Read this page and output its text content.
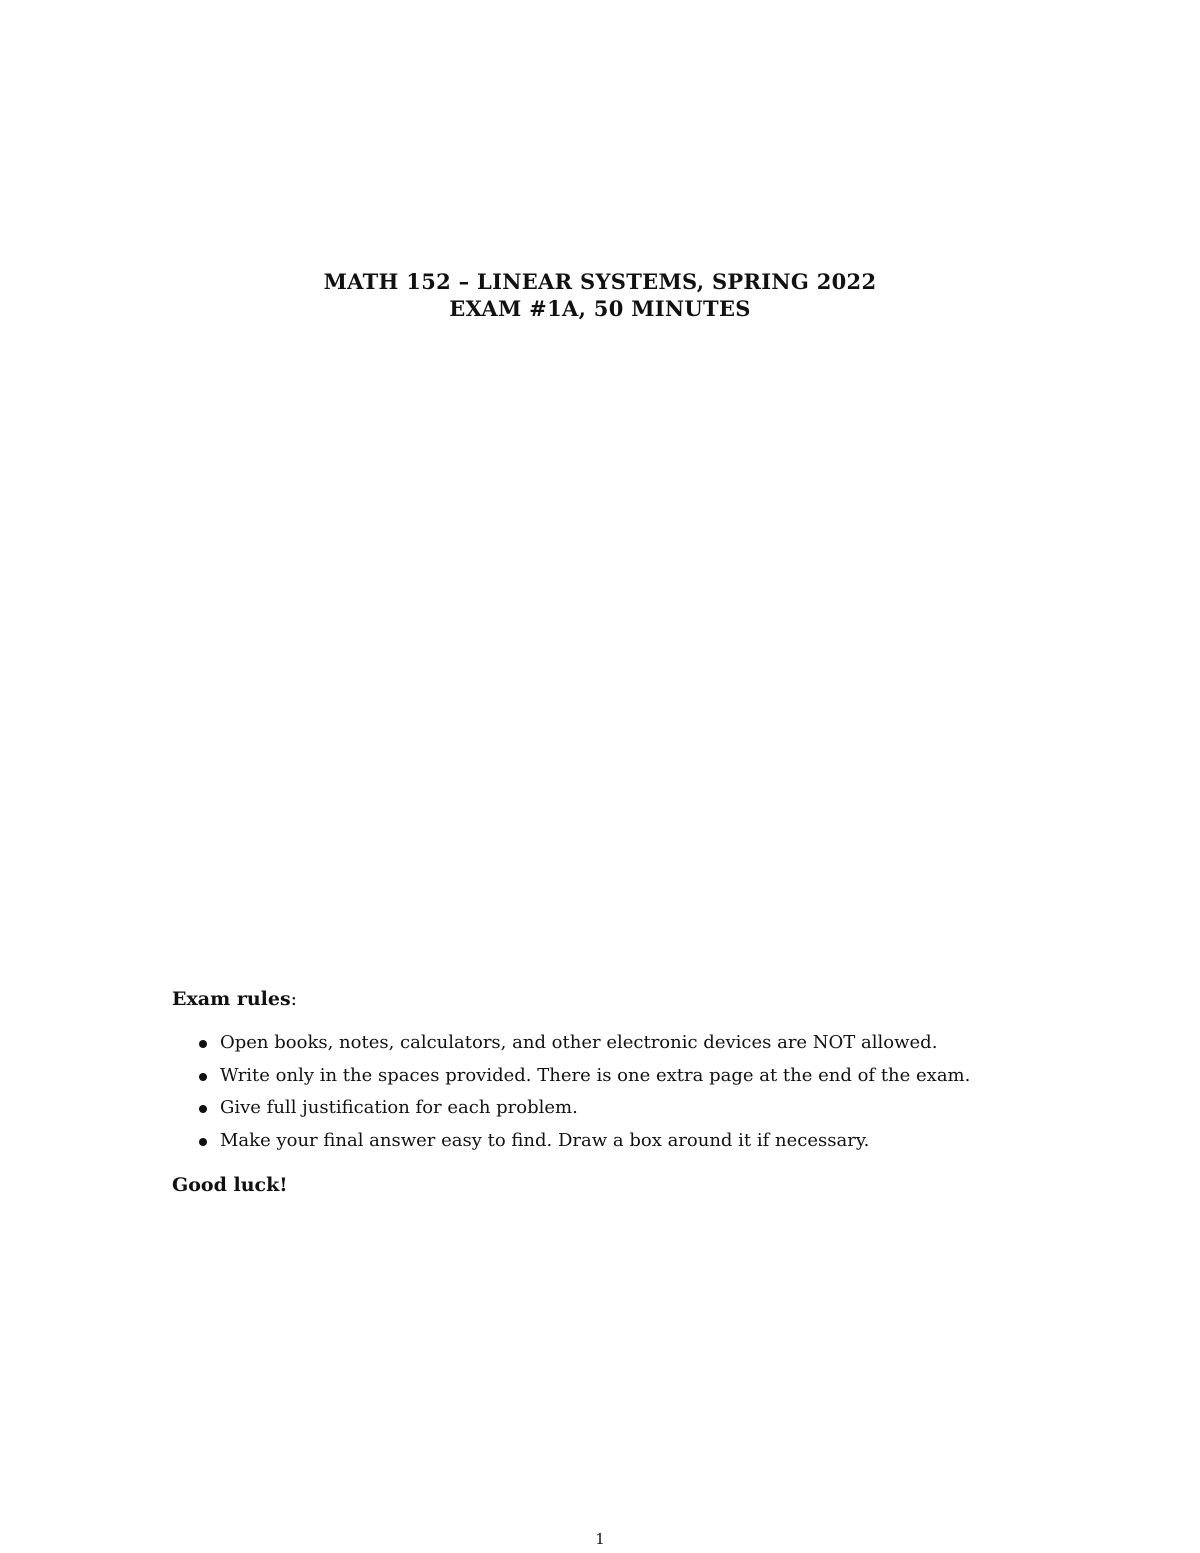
MATH 152 – LINEAR SYSTEMS, SPRING 2022
EXAM #1A, 50 MINUTES
Exam rules:
Open books, notes, calculators, and other electronic devices are NOT allowed.
Write only in the spaces provided. There is one extra page at the end of the exam.
Give full justification for each problem.
Make your final answer easy to find. Draw a box around it if necessary.
Good luck!
1
